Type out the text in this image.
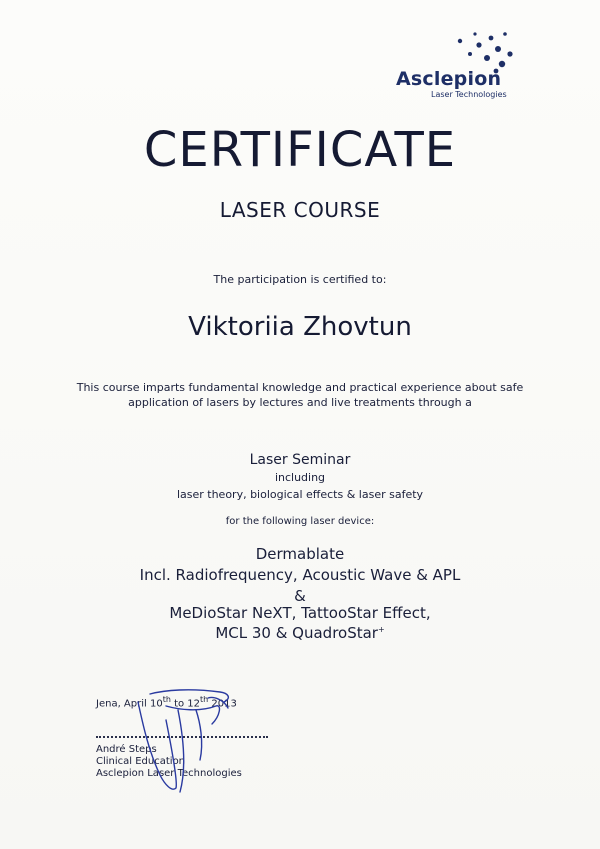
Asclepion
Laser Technologies
CERTIFICATE
LASER COURSE
The participation is certified to:
Viktoriia Zhovtun
This course imparts fundamental knowledge and practical experience about safe
application of lasers by lectures and live treatments through a
Laser Seminar
including
laser theory, biological effects & laser safety
for the following laser device:
Dermablate
Incl. Radiofrequency, Acoustic Wave & APL
&
MeDioStar NeXT, TattooStar Effect,
MCL 30 & QuadroStar+
Jena, April 10th to 12th 2013
André Steps
Clinical Education
Asclepion Laser Technologies
